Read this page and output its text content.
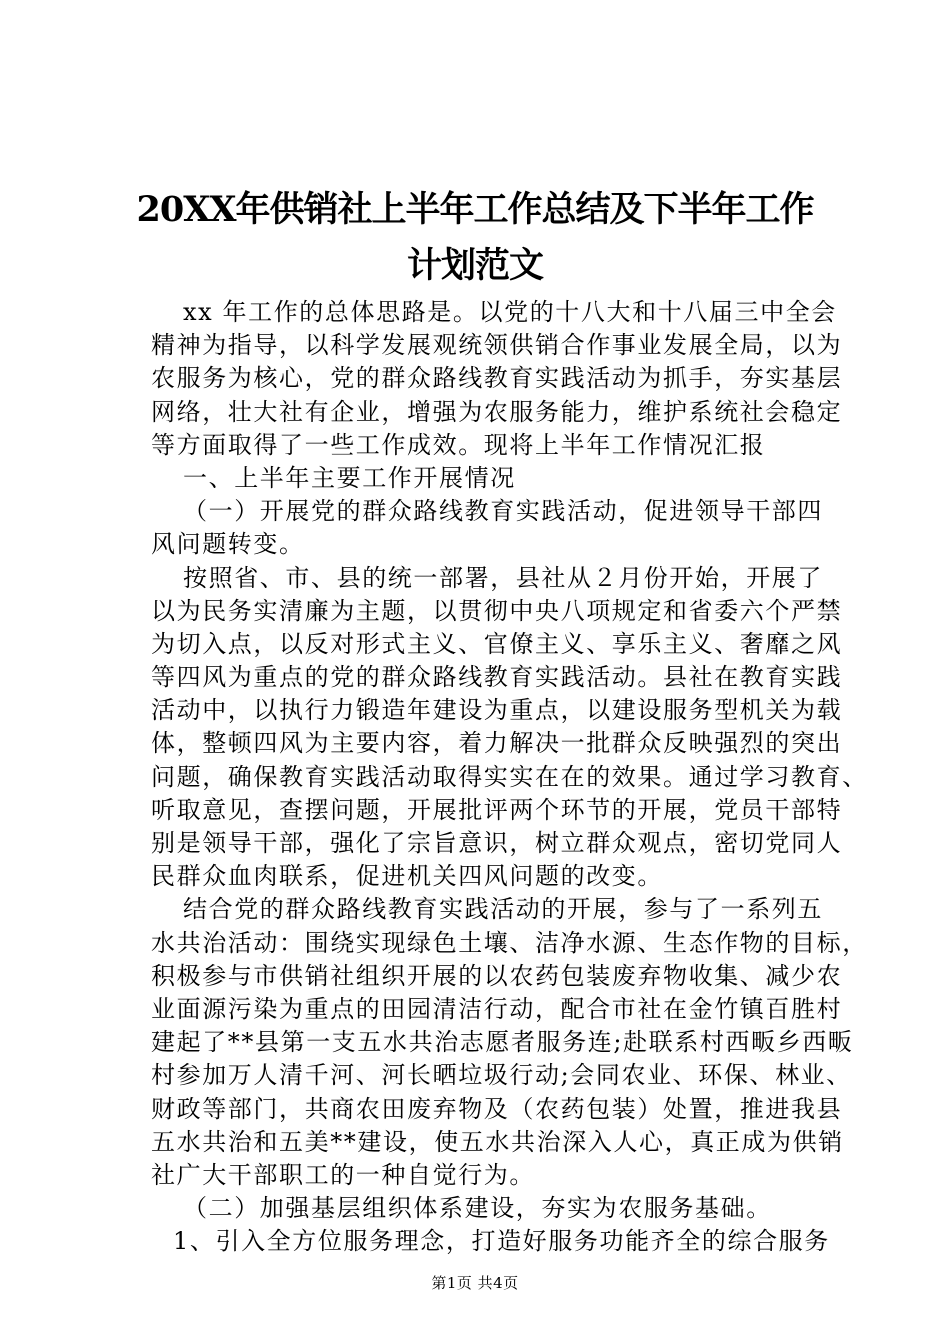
20XX年供销社上半年工作总结及下半年工作
计划范文
xx 年工作的总体思路是。以党的十八大和十八届三中全会
精神为指导，以科学发展观统领供销合作事业发展全局，以为
农服务为核心，党的群众路线教育实践活动为抓手，夯实基层
网络，壮大社有企业，增强为农服务能力，维护系统社会稳定
等方面取得了一些工作成效。现将上半年工作情况汇报
一、上半年主要工作开展情况
（一）开展党的群众路线教育实践活动，促进领导干部四
风问题转变。
按照省、市、县的统一部署，县社从２月份开始，开展了
以为民务实清廉为主题，以贯彻中央八项规定和省委六个严禁
为切入点，以反对形式主义、官僚主义、享乐主义、奢靡之风
等四风为重点的党的群众路线教育实践活动。县社在教育实践
活动中，以执行力锻造年建设为重点，以建设服务型机关为载
体，整顿四风为主要内容，着力解决一批群众反映强烈的突出
问题，确保教育实践活动取得实实在在的效果。通过学习教育、
听取意见，查摆问题，开展批评两个环节的开展，党员干部特
别是领导干部，强化了宗旨意识，树立群众观点，密切党同人
民群众血肉联系，促进机关四风问题的改变。
结合党的群众路线教育实践活动的开展，参与了一系列五
水共治活动：围绕实现绿色土壤、洁净水源、生态作物的目标，
积极参与市供销社组织开展的以农药包装废弃物收集、减少农
业面源污染为重点的田园清洁行动，配合市社在金竹镇百胜村
建起了**县第一支五水共治志愿者服务连;赴联系村西畈乡西畈
村参加万人清千河、河长晒垃圾行动;会同农业、环保、林业、
财政等部门，共商农田废弃物及（农药包装）处置，推进我县
五水共治和五美**建设，使五水共治深入人心，真正成为供销
社广大干部职工的一种自觉行为。
（二）加强基层组织体系建设，夯实为农服务基础。
1、引入全方位服务理念，打造好服务功能齐全的综合服务
第1页 共4页
